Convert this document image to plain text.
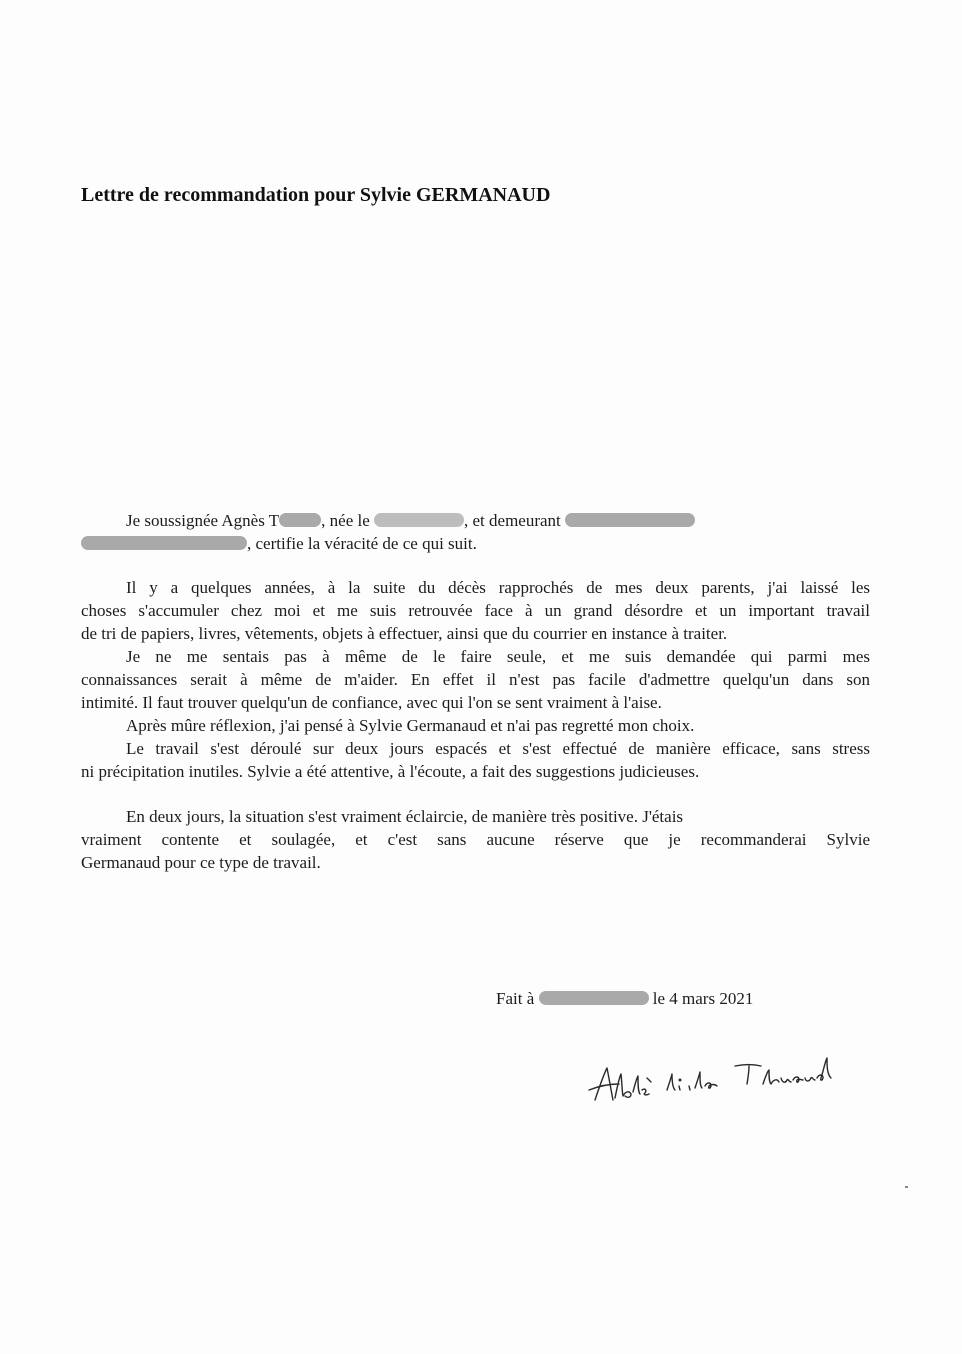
Lettre de recommandation pour Sylvie GERMANAUD
Je soussignée Agnès T , née le	, et demeurant
, certifie la véracité de ce qui suit.
Il y a quelques années, à la suite du décès rapprochés de mes deux parents, j'ai laissé les
choses s'accumuler chez moi et me suis retrouvée face à un grand désordre et un important travail
de tri de papiers, livres, vêtements, objets à effectuer, ainsi que du courrier en instance à traiter.
Je ne me sentais pas à même de le faire seule, et me suis demandée qui parmi mes
connaissances serait à même de m'aider. En effet il n'est pas facile d'admettre quelqu'un dans son
intimité. Il faut trouver quelqu'un de confiance, avec qui l'on se sent vraiment à l'aise.
Après mûre réflexion, j'ai pensé à Sylvie Germanaud et n'ai pas regretté mon choix.
Le travail s'est déroulé sur deux jours espacés et s'est effectué de manière efficace, sans stress
ni précipitation inutiles. Sylvie a été attentive, à l'écoute, a fait des suggestions judicieuses.
En deux jours, la situation s'est vraiment éclaircie, de manière très positive. J'étais
vraiment contente et soulagée, et c'est sans aucune réserve que je recommanderai Sylvie
Germanaud pour ce type de travail.
Fait à	le 4 mars 2021
